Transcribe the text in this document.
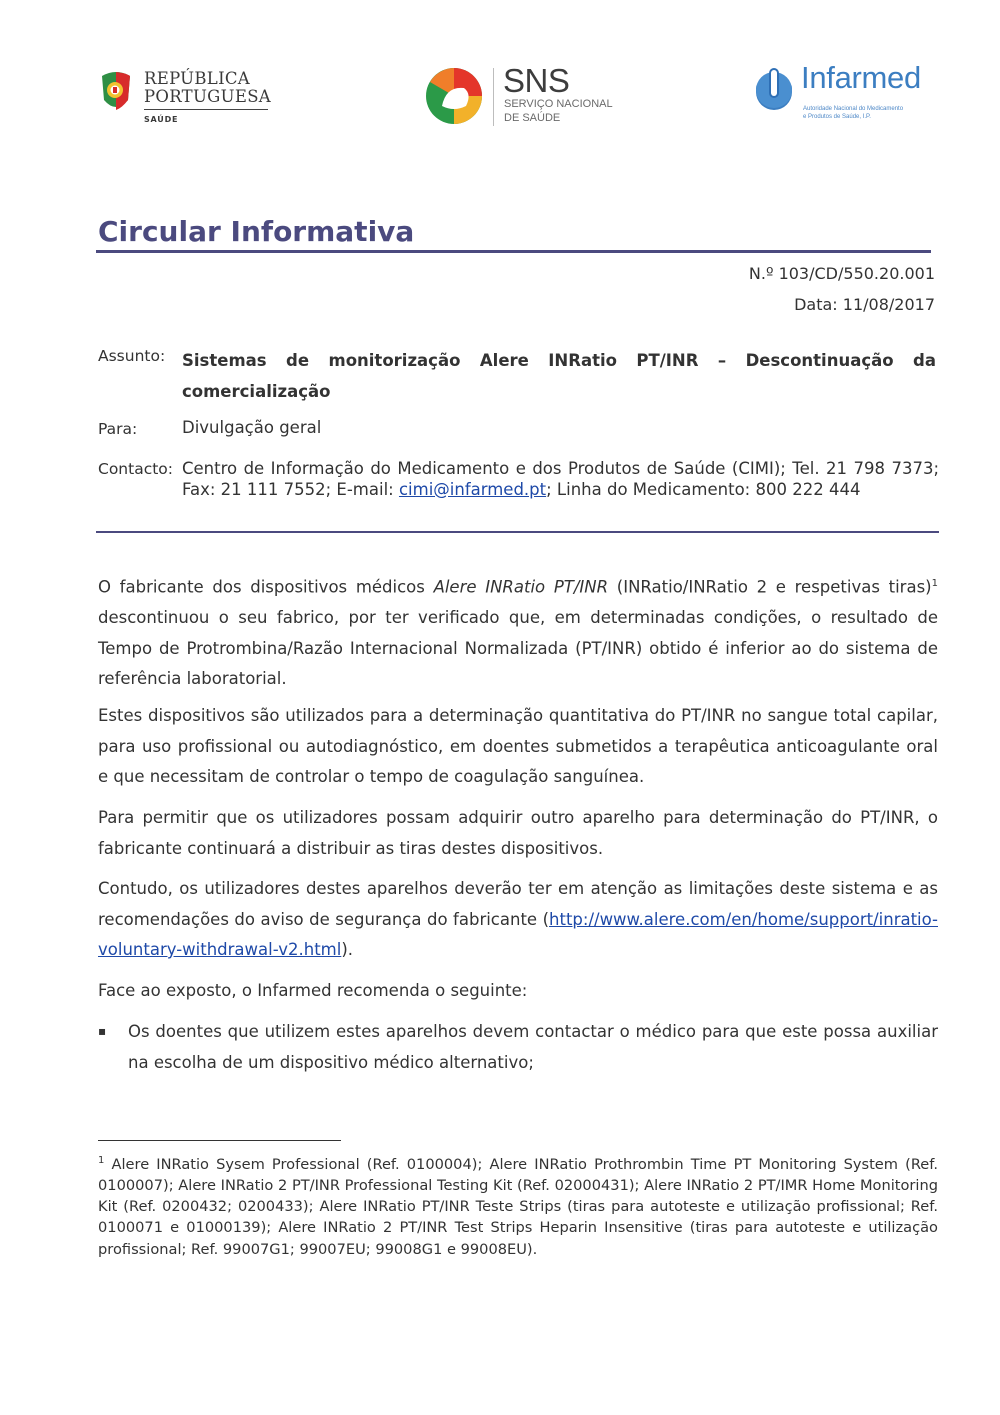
REPÚBLICA
PORTUGUESA
SAÚDE
SNS
SERVIÇO NACIONAL
DE SAÚDE
Infarmed
Autoridade Nacional do Medicamento
e Produtos de Saúde, I.P.
Circular Informativa
N.º 103/CD/550.20.001
Data: 11/08/2017
Assunto: Sistemas de monitorização Alere INRatio PT/INR – Descontinuação da comercialização
Para:	Divulgação geral
Contacto: Centro de Informação do Medicamento e dos Produtos de Saúde (CIMI); Tel. 21 798 7373; Fax: 21 111 7552; E-mail: cimi@infarmed.pt; Linha do Medicamento: 800 222 444
O fabricante dos dispositivos médicos Alere INRatio PT/INR (INRatio/INRatio 2 e respetivas tiras)$^1$ descontinuou o seu fabrico, por ter verificado que, em determinadas condições, o resultado de Tempo de Protrombina/Razão Internacional Normalizada (PT/INR) obtido é inferior ao do sistema de referência laboratorial.
Estes dispositivos são utilizados para a determinação quantitativa do PT/INR no sangue total capilar, para uso profissional ou autodiagnóstico, em doentes submetidos a terapêutica anticoagulante oral e que necessitam de controlar o tempo de coagulação sanguínea.
Para permitir que os utilizadores possam adquirir outro aparelho para determinação do PT/INR, o fabricante continuará a distribuir as tiras destes dispositivos.
Contudo, os utilizadores destes aparelhos deverão ter em atenção as limitações deste sistema e as recomendações do aviso de segurança do fabricante (http://www.alere.com/en/home/support/inratio-voluntary-withdrawal-v2.html).
Face ao exposto, o Infarmed recomenda o seguinte:
▪ Os doentes que utilizem estes aparelhos devem contactar o médico para que este possa auxiliar na escolha de um dispositivo médico alternativo;
$^1$ Alere INRatio Sysem Professional (Ref. 0100004); Alere INRatio Prothrombin Time PT Monitoring System (Ref. 0100007); Alere INRatio 2 PT/INR Professional Testing Kit (Ref. 02000431); Alere INRatio 2 PT/IMR Home Monitoring Kit (Ref. 0200432; 0200433); Alere INRatio PT/INR Teste Strips (tiras para autoteste e utilização profissional; Ref. 0100071 e 01000139); Alere INRatio 2 PT/INR Test Strips Heparin Insensitive (tiras para autoteste e utilização profissional; Ref. 99007G1; 99007EU; 99008G1 e 99008EU).
